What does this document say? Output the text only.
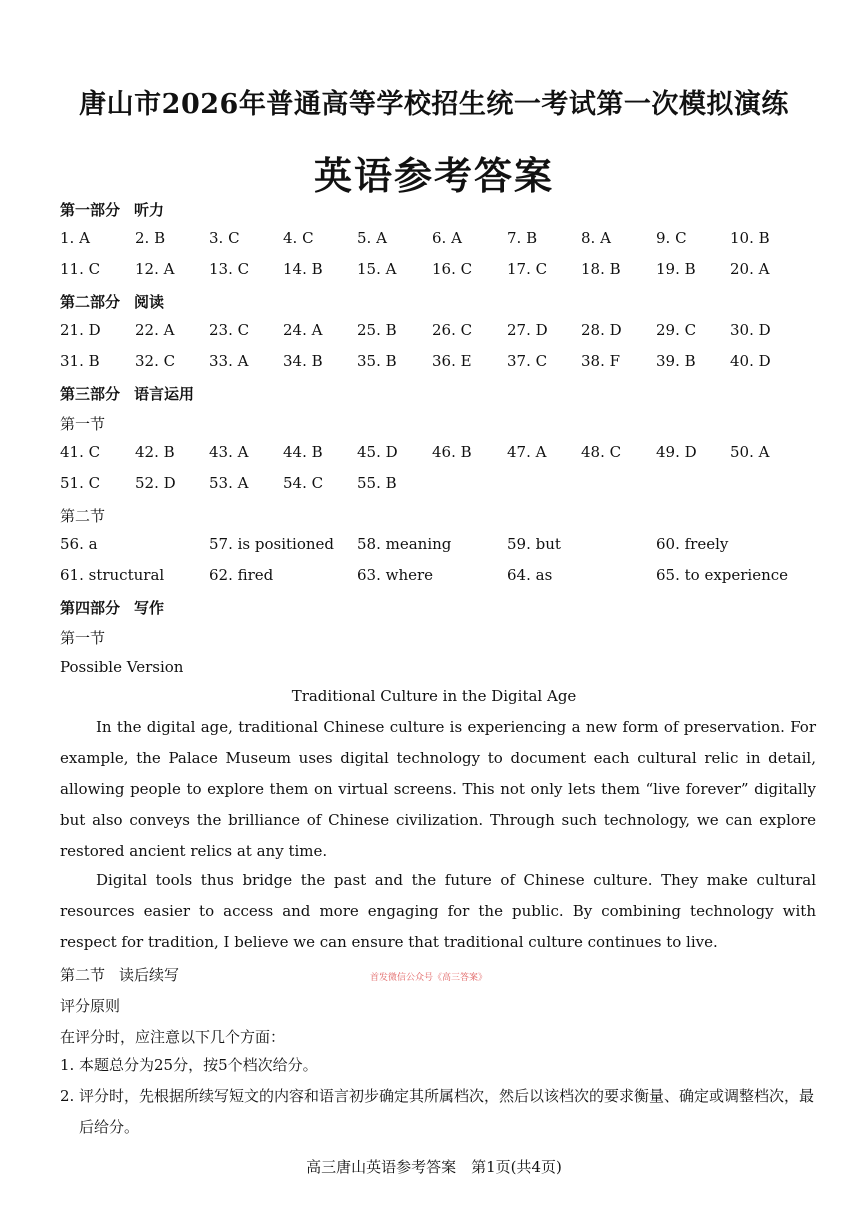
唐山市2026年普通高等学校招生统一考试第一次模拟演练
英语参考答案
第一部分 听力
1. A	2. B	3. C	4. C	5. A	6. A	7. B	8. A	9. C	10. B
11. C 12. A 13. C 14. B 15. A 16. C 17. C 18. B 19. B 20. A
第二部分 阅读
21. D 22. A 23. C 24. A 25. B 26. C 27. D 28. D 29. C 30. D
31. B 32. C 33. A 34. B 35. B 36. E 37. C 38. F 39. B 40. D
第三部分 语言运用
第一节
41. C 42. B 43. A 44. B 45. D 46. B 47. A 48. C 49. D 50. A
51. C 52. D 53. A 54. C 55. B
第二节
56. a	57. is positioned 58. meaning	59. but	60. freely
61. structural	62. fired	63. where	64. as	65. to experience
第四部分 写作
第一节
Possible Version
Traditional Culture in the Digital Age

In the digital age, traditional Chinese culture is experiencing a new form of preservation. For example, the Palace Museum uses digital technology to document each cultural relic in detail, allowing people to explore them on virtual screens. This not only lets them “live forever” digitally but also conveys the brilliance of Chinese civilization. Through such technology, we can explore restored ancient relics at any time.

Digital tools thus bridge the past and the future of Chinese culture. They make cultural resources easier to access and more engaging for the public. By combining technology with respect for tradition, I believe we can ensure that traditional culture continues to live.

第二节 读后续写	首发微信公众号《高三答案》
评分原则
在评分时，应注意以下几个方面：
1. 本题总分为25分，按5个档次给分。
2. 评分时，先根据所续写短文的内容和语言初步确定其所属档次，然后以该档次的要求衡量、确定或调整档次，最后给分。
高三唐山英语参考答案　第1页(共4页)
